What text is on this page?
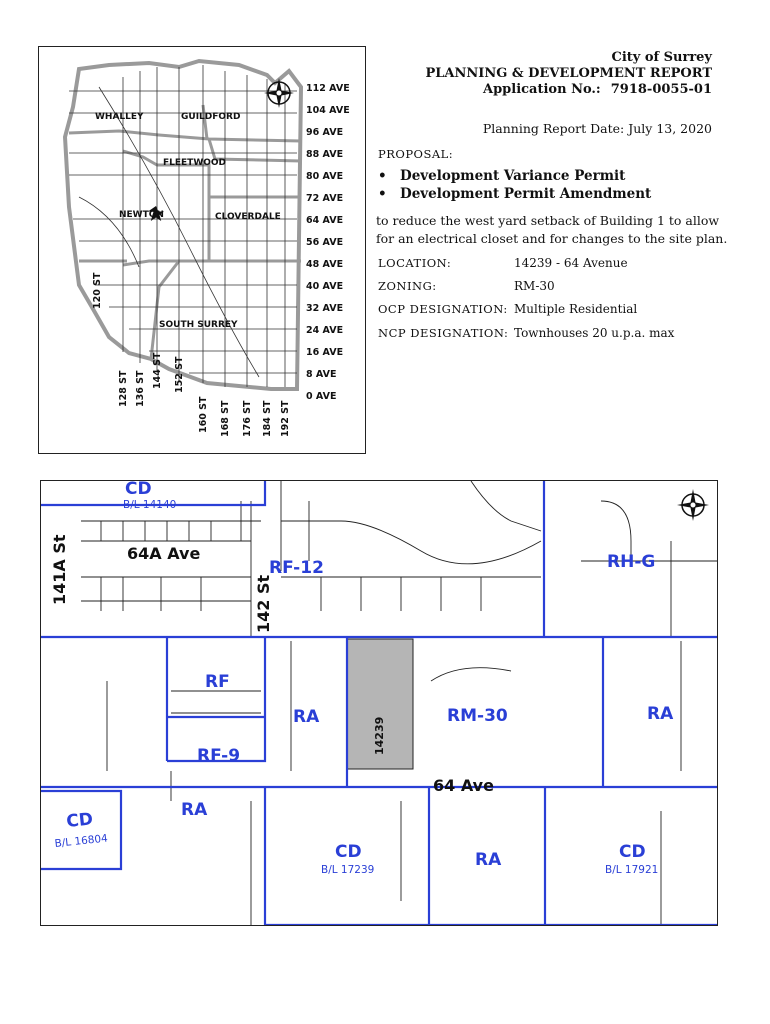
WHALLEY	GUILDFORD
FLEETWOOD
NEWTON	CLOVERDALE
SOUTH SURREY
112 AVE
104 AVE
96 AVE
88 AVE
80 AVE
72 AVE
64 AVE
56 AVE
48 AVE
40 AVE
32 AVE
24 AVE
16 AVE
8 AVE
0 AVE
120 ST
128 ST 136 ST 144 ST 152 ST
160 ST 168 ST 176 ST 184 ST 192 ST
City of Surrey
PLANNING & DEVELOPMENT REPORT
Application No.: 7918-0055-01
Planning Report Date: July 13, 2020
PROPOSAL:
• Development Variance Permit
• Development Permit Amendment
to reduce the west yard setback of Building 1 to allow
for an electrical closet and for changes to the site plan.
LOCATION:	14239 - 64 Avenue
ZONING:	RM-30
OCP DESIGNATION: Multiple Residential
NCP DESIGNATION: Townhouses 20 u.p.a. max
64A Ave
64 Ave
141A St	142 St
14239
CD
B/L 14140
RF-12	RH-G
RF
RF-9
RA	RM-30	RA
RA
CD
B/L 16804
CD
B/L 17239	RA	CD
B/L 17921
